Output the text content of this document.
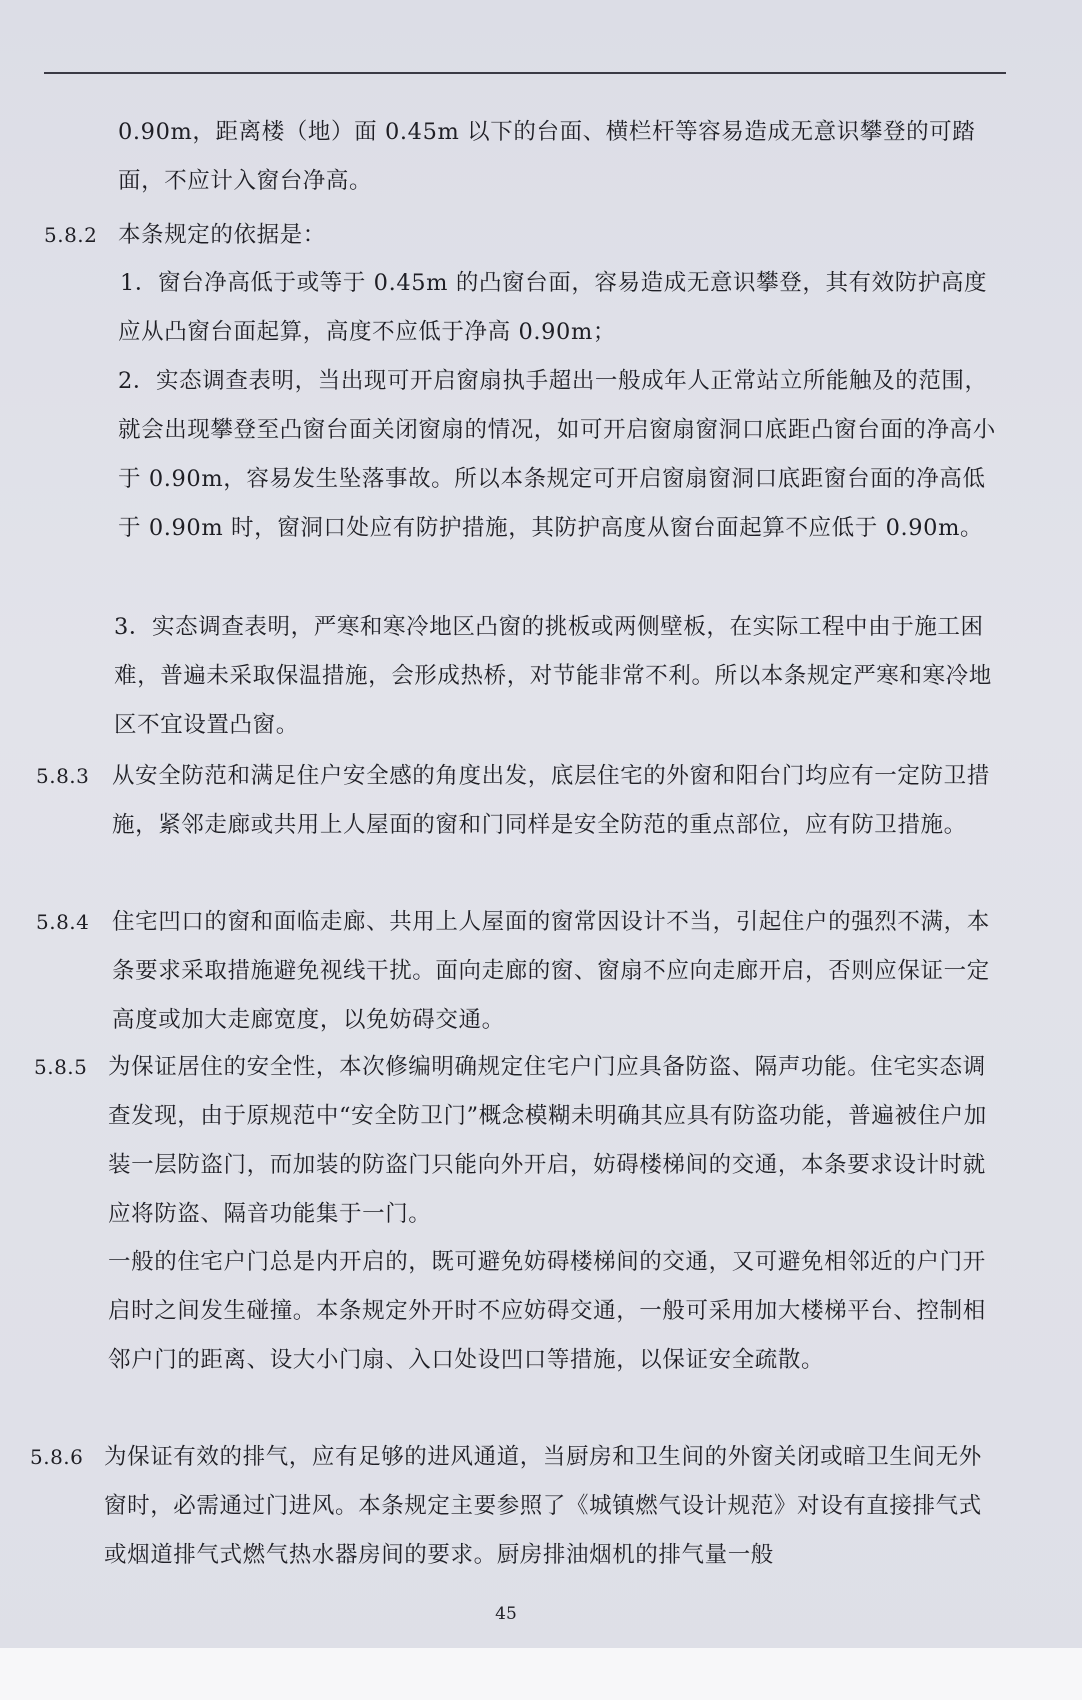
0.90m，距离楼（地）面 0.45m 以下的台面、横栏杆等容易造成无意识攀登的可踏面，不应计入窗台净高。

5.8.2 本条规定的依据是：

1．窗台净高低于或等于 0.45m 的凸窗台面，容易造成无意识攀登，其有效防护高度应从凸窗台面起算，高度不应低于净高 0.90m；

2．实态调查表明，当出现可开启窗扇执手超出一般成年人正常站立所能触及的范围，就会出现攀登至凸窗台面关闭窗扇的情况，如可开启窗扇窗洞口底距凸窗台面的净高小于 0.90m，容易发生坠落事故。所以本条规定可开启窗扇窗洞口底距窗台面的净高低于 0.90m 时，窗洞口处应有防护措施，其防护高度从窗台面起算不应低于 0.90m。

3．实态调查表明，严寒和寒冷地区凸窗的挑板或两侧壁板，在实际工程中由于施工困难，普遍未采取保温措施，会形成热桥，对节能非常不利。所以本条规定严寒和寒冷地区不宜设置凸窗。

5.8.3 从安全防范和满足住户安全感的角度出发，底层住宅的外窗和阳台门均应有一定防卫措施，紧邻走廊或共用上人屋面的窗和门同样是安全防范的重点部位，应有防卫措施。

5.8.4 住宅凹口的窗和面临走廊、共用上人屋面的窗常因设计不当，引起住户的强烈不满，本条要求采取措施避免视线干扰。面向走廊的窗、窗扇不应向走廊开启，否则应保证一定高度或加大走廊宽度，以免妨碍交通。

5.8.5 为保证居住的安全性，本次修编明确规定住宅户门应具备防盗、隔声功能。住宅实态调查发现，由于原规范中“安全防卫门”概念模糊未明确其应具有防盗功能，普遍被住户加装一层防盗门，而加装的防盗门只能向外开启，妨碍楼梯间的交通，本条要求设计时就应将防盗、隔音功能集于一门。

一般的住宅户门总是内开启的，既可避免妨碍楼梯间的交通，又可避免相邻近的户门开启时之间发生碰撞。本条规定外开时不应妨碍交通，一般可采用加大楼梯平台、控制相邻户门的距离、设大小门扇、入口处设凹口等措施，以保证安全疏散。

5.8.6 为保证有效的排气，应有足够的进风通道，当厨房和卫生间的外窗关闭或暗卫生间无外窗时，必需通过门进风。本条规定主要参照了《城镇燃气设计规范》对设有直接排气式或烟道排气式燃气热水器房间的要求。厨房排油烟机的排气量一般

45
